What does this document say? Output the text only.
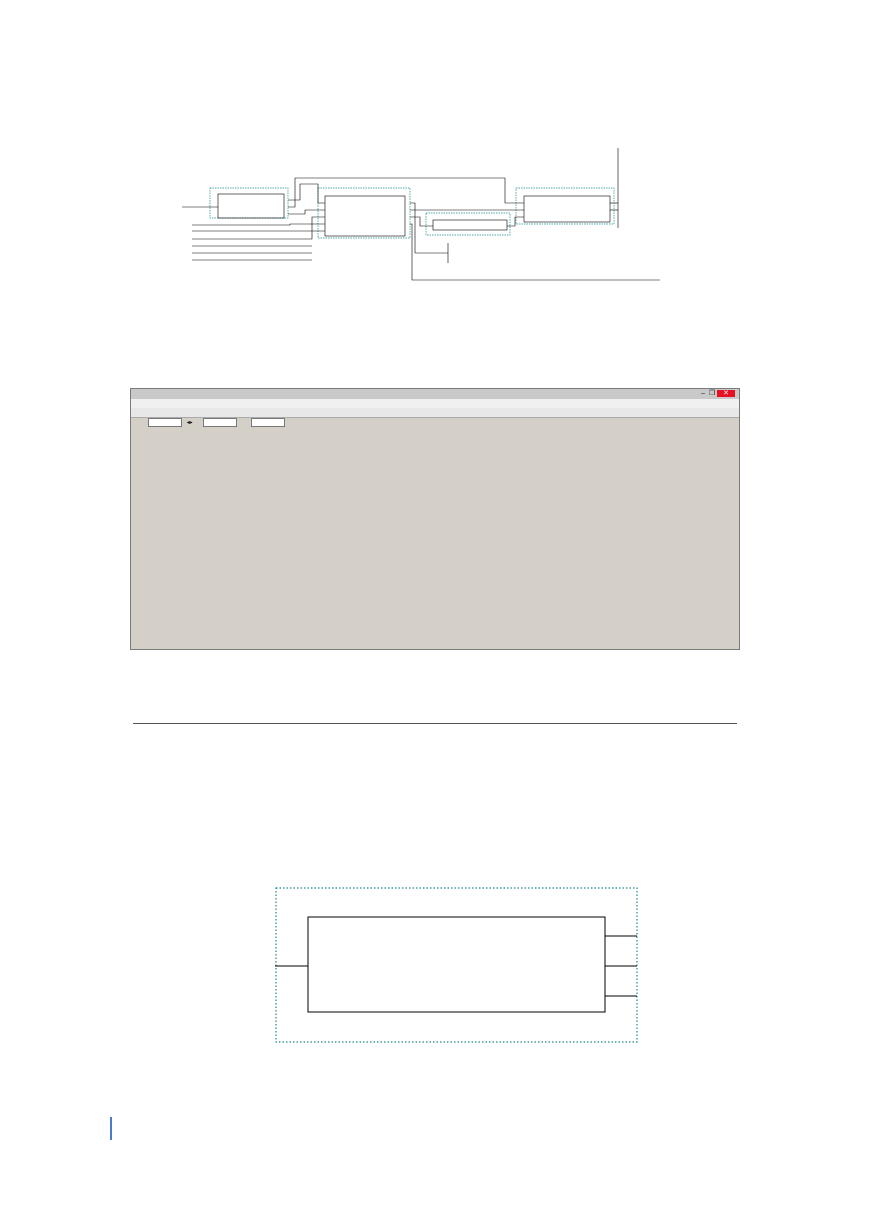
– ❐ ✕
◂▸
